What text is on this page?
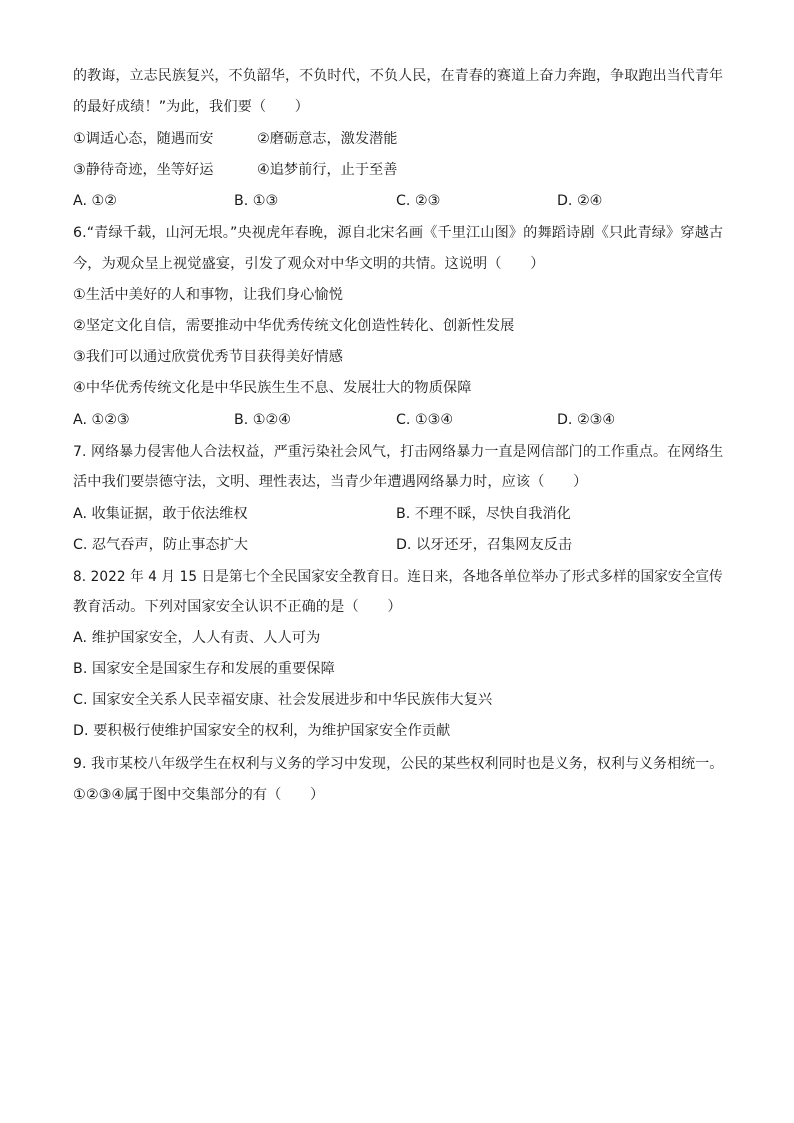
的教诲，立志民族复兴，不负韶华，不负时代，不负人民，在青春的赛道上奋力奔跑，争取跑出当代青年
的最好成绩！”为此，我们要（　　）
①调适心态，随遇而安	②磨砺意志，激发潜能
③静待奇迹，坐等好运	④追梦前行，止于至善
A. ①②	B. ①③	C. ②③	D. ②④
6.“青绿千载，山河无垠。”央视虎年春晚，源自北宋名画《千里江山图》的舞蹈诗剧《只此青绿》穿越古
今，为观众呈上视觉盛宴，引发了观众对中华文明的共情。这说明（　　）
①生活中美好的人和事物，让我们身心愉悦
②坚定文化自信，需要推动中华优秀传统文化创造性转化、创新性发展
③我们可以通过欣赏优秀节目获得美好情感
④中华优秀传统文化是中华民族生生不息、发展壮大的物质保障
A. ①②③	B. ①②④	C. ①③④	D. ②③④
7. 网络暴力侵害他人合法权益，严重污染社会风气，打击网络暴力一直是网信部门的工作重点。在网络生
活中我们要崇德守法，文明、理性表达，当青少年遭遇网络暴力时，应该（　　）
A. 收集证据，敢于依法维权	B. 不理不睬，尽快自我消化
C. 忍气吞声，防止事态扩大	D. 以牙还牙，召集网友反击
8. 2022 年 4 月 15 日是第七个全民国家安全教育日。连日来，各地各单位举办了形式多样的国家安全宣传
教育活动。下列对国家安全认识不正确的是（　　）
A. 维护国家安全，人人有责、人人可为
B. 国家安全是国家生存和发展的重要保障
C. 国家安全关系人民幸福安康、社会发展进步和中华民族伟大复兴
D. 要积极行使维护国家安全的权利，为维护国家安全作贡献
9. 我市某校八年级学生在权利与义务的学习中发现，公民的某些权利同时也是义务，权利与义务相统一。
①②③④属于图中交集部分的有（　　）
